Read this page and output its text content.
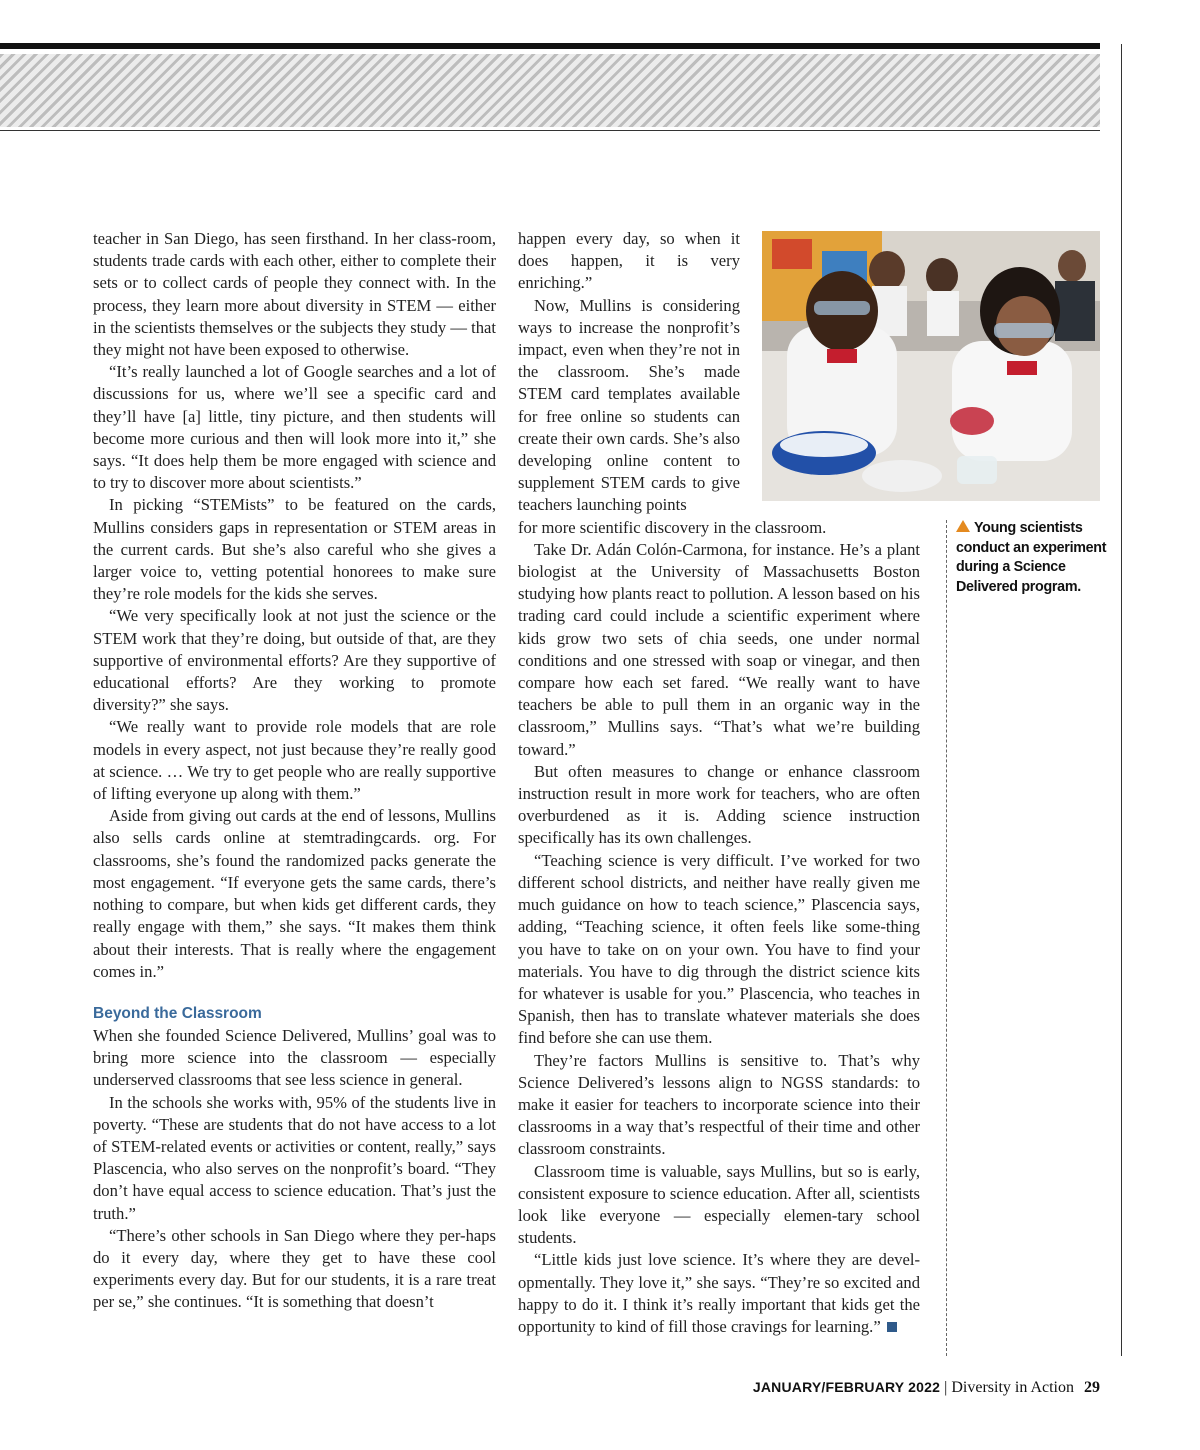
teacher in San Diego, has seen firsthand. In her class-room, students trade cards with each other, either to complete their sets or to collect cards of people they connect with. In the process, they learn more about diversity in STEM — either in the scientists themselves or the subjects they study — that they might not have been exposed to otherwise.

“It’s really launched a lot of Google searches and a lot of discussions for us, where we’ll see a specific card and they’ll have [a] little, tiny picture, and then students will become more curious and then will look more into it,” she says. “It does help them be more engaged with science and to try to discover more about scientists.”

In picking “STEMists” to be featured on the cards, Mullins considers gaps in representation or STEM areas in the current cards. But she’s also careful who she gives a larger voice to, vetting potential honorees to make sure they’re role models for the kids she serves.

“We very specifically look at not just the science or the STEM work that they’re doing, but outside of that, are they supportive of environmental efforts? Are they supportive of educational efforts? Are they working to promote diversity?” she says.

“We really want to provide role models that are role models in every aspect, not just because they’re really good at science. … We try to get people who are really supportive of lifting everyone up along with them.”

Aside from giving out cards at the end of lessons, Mullins also sells cards online at stemtradingcards. org. For classrooms, she’s found the randomized packs generate the most engagement. “If everyone gets the same cards, there’s nothing to compare, but when kids get different cards, they really engage with them,” she says. “It makes them think about their interests. That is really where the engagement comes in.”

Beyond the Classroom

When she founded Science Delivered, Mullins’ goal was to bring more science into the classroom — especially underserved classrooms that see less science in general.

In the schools she works with, 95% of the students live in poverty. “These are students that do not have access to a lot of STEM-related events or activities or content, really,” says Plascencia, who also serves on the nonprofit’s board. “They don’t have equal access to science education. That’s just the truth.”

“There’s other schools in San Diego where they per-haps do it every day, where they get to have these cool experiments every day. But for our students, it is a rare treat per se,” she continues. “It is something that doesn’t

happen every day, so when it does happen, it is very enriching.”

Now, Mullins is considering ways to increase the nonprofit’s impact, even when they’re not in the classroom. She’s made STEM card templates available for free online so students can create their own cards. She’s also developing online content to supplement STEM cards to give teachers launching points

for more scientific discovery in the classroom.

Take Dr. Adán Colón-Carmona, for instance. He’s a plant biologist at the University of Massachusetts Boston studying how plants react to pollution. A lesson based on his trading card could include a scientific experiment where kids grow two sets of chia seeds, one under normal conditions and one stressed with soap or vinegar, and then compare how each set fared. “We really want to have teachers be able to pull them in an organic way in the classroom,” Mullins says. “That’s what we’re building toward.”

But often measures to change or enhance classroom instruction result in more work for teachers, who are often overburdened as it is. Adding science instruction specifically has its own challenges.

“Teaching science is very difficult. I’ve worked for two different school districts, and neither have really given me much guidance on how to teach science,” Plascencia says, adding, “Teaching science, it often feels like some-thing you have to take on on your own. You have to find your materials. You have to dig through the district science kits for whatever is usable for you.” Plascencia, who teaches in Spanish, then has to translate whatever materials she does find before she can use them.

They’re factors Mullins is sensitive to. That’s why Science Delivered’s lessons align to NGSS standards: to make it easier for teachers to incorporate science into their classrooms in a way that’s respectful of their time and other classroom constraints.

Classroom time is valuable, says Mullins, but so is early, consistent exposure to science education. After all, scientists look like everyone — especially elemen-tary school students.

“Little kids just love science. It’s where they are devel-opmentally. They love it,” she says. “They’re so excited and happy to do it. I think it’s really important that kids get the opportunity to kind of fill those cravings for learning.”

Young scientists conduct an experiment during a Science Delivered program.
JANUARY/FEBRUARY 2022 | Diversity in Action 29
